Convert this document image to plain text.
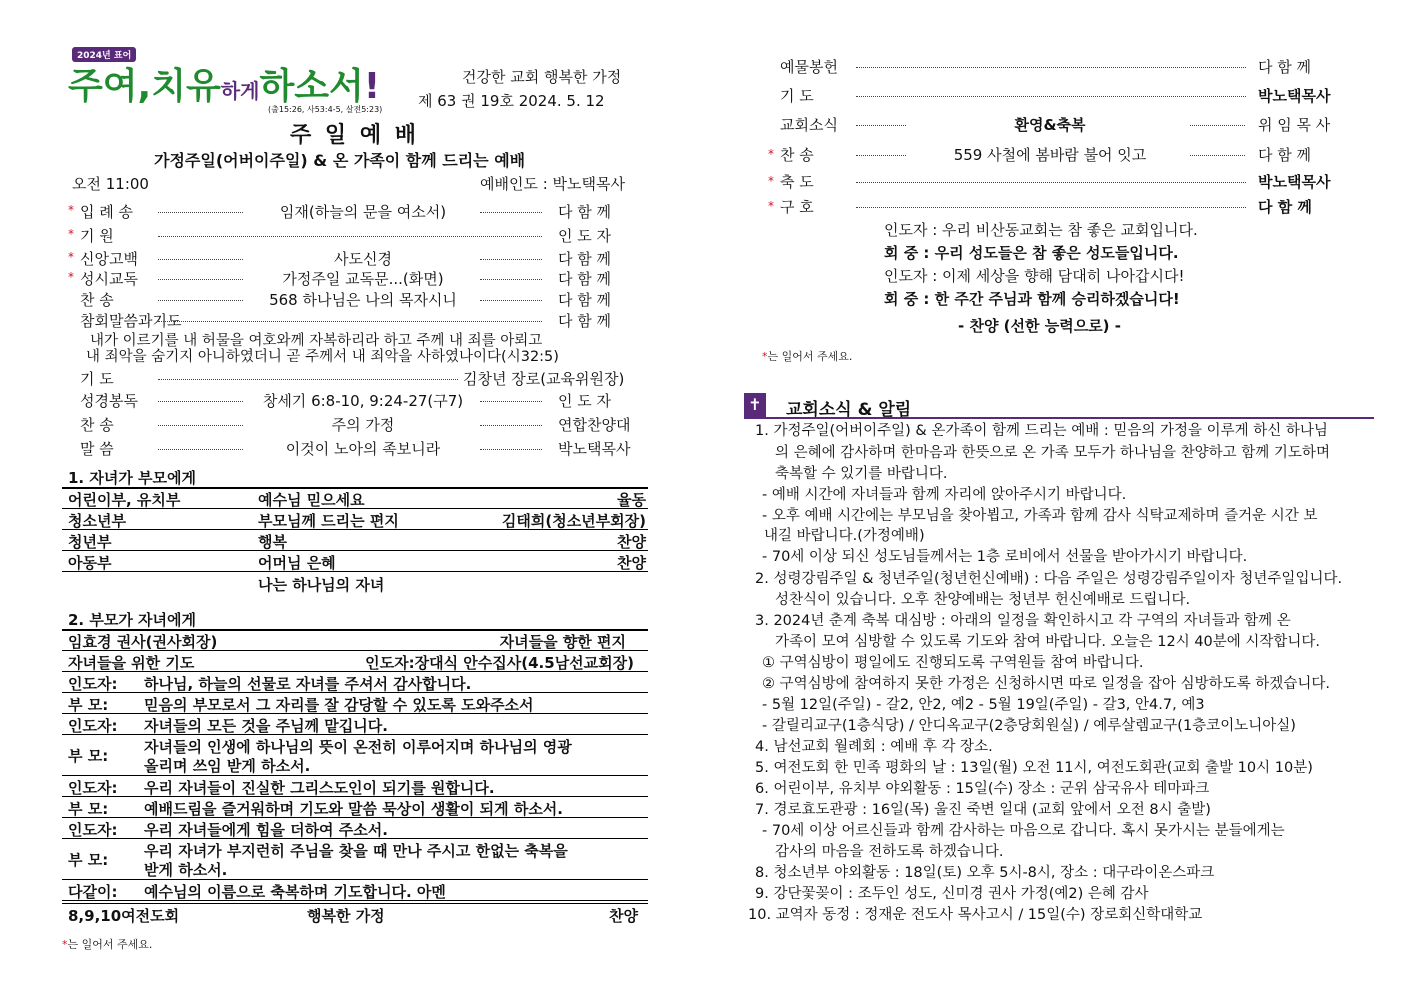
2024년 표어
주여,치유하게하소서!
(출15:26, 사53:4-5, 살전5:23)
건강한 교회 행복한 가정
제 63 권 19호 2024. 5. 12
주 일 예 배
가정주일(어버이주일) & 온 가족이 함께 드리는 예배
오전 11:00	예배인도 : 박노택목사
* 입 례 송	임재(하늘의 문을 여소서)	다 함 께
* 기 원	인 도 자
* 신앙고백	사도신경	다 함 께
* 성시교독	가정주일 교독문...(화면)	다 함 께
찬 송	568 하나님은 나의 목자시니	다 함 께
참회말씀과기도	다 함 께
내가 이르기를 내 허물을 여호와께 자복하리라 하고 주께 내 죄를 아뢰고
내 죄악을 숨기지 아니하였더니 곧 주께서 내 죄악을 사하였나이다(시32:5)
기 도	김창년 장로(교육위원장)
성경봉독	창세기 6:8-10, 9:24-27(구7)	인 도 자
찬 송	주의 가정	연합찬양대
말 씀	이것이 노아의 족보니라	박노택목사
1. 자녀가 부모에게
어린이부, 유치부	예수님 믿으세요	율동
청소년부	부모님께 드리는 편지	김태희(청소년부회장)
청년부	행복	찬양
아동부	어머님 은혜	찬양
나는 하나님의 자녀
2. 부모가 자녀에게
임효경 권사(권사회장)	자녀들을 향한 편지
자녀들을 위한 기도	인도자:장대식 안수집사(4.5남선교회장)
인도자: 하나님, 하늘의 선물로 자녀를 주셔서 감사합니다.
부 모: 믿음의 부모로서 그 자리를 잘 감당할 수 있도록 도와주소서
인도자: 자녀들의 모든 것을 주님께 맡깁니다.
부 모: 자녀들의 인생에 하나님의 뜻이 온전히 이루어지며 하나님의 영광
올리며 쓰임 받게 하소서.
인도자: 우리 자녀들이 진실한 그리스도인이 되기를 원합니다.
부 모: 예배드림을 즐거워하며 기도와 말씀 묵상이 생활이 되게 하소서.
인도자: 우리 자녀들에게 힘을 더하여 주소서.
부 모: 우리 자녀가 부지런히 주님을 찾을 때 만나 주시고 한없는 축복을
받게 하소서.
다같이: 예수님의 이름으로 축복하며 기도합니다. 아멘
8,9,10여전도회	행복한 가정	찬양
*는 일어서 주세요.
예물봉헌	다 함 께
기 도	박노택목사
교회소식	환영&축복	위 임 목 사
* 찬 송	559 사철에 봄바람 불어 잇고	다 함 께
* 축 도	박노택목사
* 구 호	다 함 께
인도자 : 우리 비산동교회는 참 좋은 교회입니다.
회 중 : 우리 성도들은 참 좋은 성도들입니다.
인도자 : 이제 세상을 향해 담대히 나아갑시다!
회 중 : 한 주간 주님과 함께 승리하겠습니다!
- 찬양 (선한 능력으로) -
*는 일어서 주세요.
✝ 교회소식 & 알림
1. 가정주일(어버이주일) & 온가족이 함께 드리는 예배 : 믿음의 가정을 이루게 하신 하나님
의 은혜에 감사하며 한마음과 한뜻으로 온 가족 모두가 하나님을 찬양하고 함께 기도하며
축복할 수 있기를 바랍니다.
- 예배 시간에 자녀들과 함께 자리에 앉아주시기 바랍니다.
- 오후 예배 시간에는 부모님을 찾아뵙고, 가족과 함께 감사 식탁교제하며 즐거운 시간 보
내길 바랍니다.(가정예배)
- 70세 이상 되신 성도님들께서는 1층 로비에서 선물을 받아가시기 바랍니다.
2. 성령강림주일 & 청년주일(청년헌신예배) : 다음 주일은 성령강림주일이자 청년주일입니다.
성찬식이 있습니다. 오후 찬양예배는 청년부 헌신예배로 드립니다.
3. 2024년 춘계 축복 대심방 : 아래의 일정을 확인하시고 각 구역의 자녀들과 함께 온
가족이 모여 심방할 수 있도록 기도와 참여 바랍니다. 오늘은 12시 40분에 시작합니다.
① 구역심방이 평일에도 진행되도록 구역원들 참여 바랍니다.
② 구역심방에 참여하지 못한 가정은 신청하시면 따로 일정을 잡아 심방하도록 하겠습니다.
- 5월 12일(주일) - 갈2, 안2, 예2 - 5월 19일(주일) - 갈3, 안4.7, 예3
- 갈릴리교구(1층식당) / 안디옥교구(2층당회원실) / 예루살렘교구(1층코이노니아실)
4. 남선교회 월례회 : 예배 후 각 장소.
5. 여전도회 한 민족 평화의 날 : 13일(월) 오전 11시, 여전도회관(교회 출발 10시 10분)
6. 어린이부, 유치부 야외활동 : 15일(수) 장소 : 군위 삼국유사 테마파크
7. 경로효도관광 : 16일(목) 울진 죽변 일대 (교회 앞에서 오전 8시 출발)
- 70세 이상 어르신들과 함께 감사하는 마음으로 갑니다. 혹시 못가시는 분들에게는
감사의 마음을 전하도록 하겠습니다.
8. 청소년부 야외활동 : 18일(토) 오후 5시-8시, 장소 : 대구라이온스파크
9. 강단꽃꽂이 : 조두인 성도, 신미경 권사 가정(예2) 은혜 감사
10. 교역자 동정 : 정재운 전도사 목사고시 / 15일(수) 장로회신학대학교
